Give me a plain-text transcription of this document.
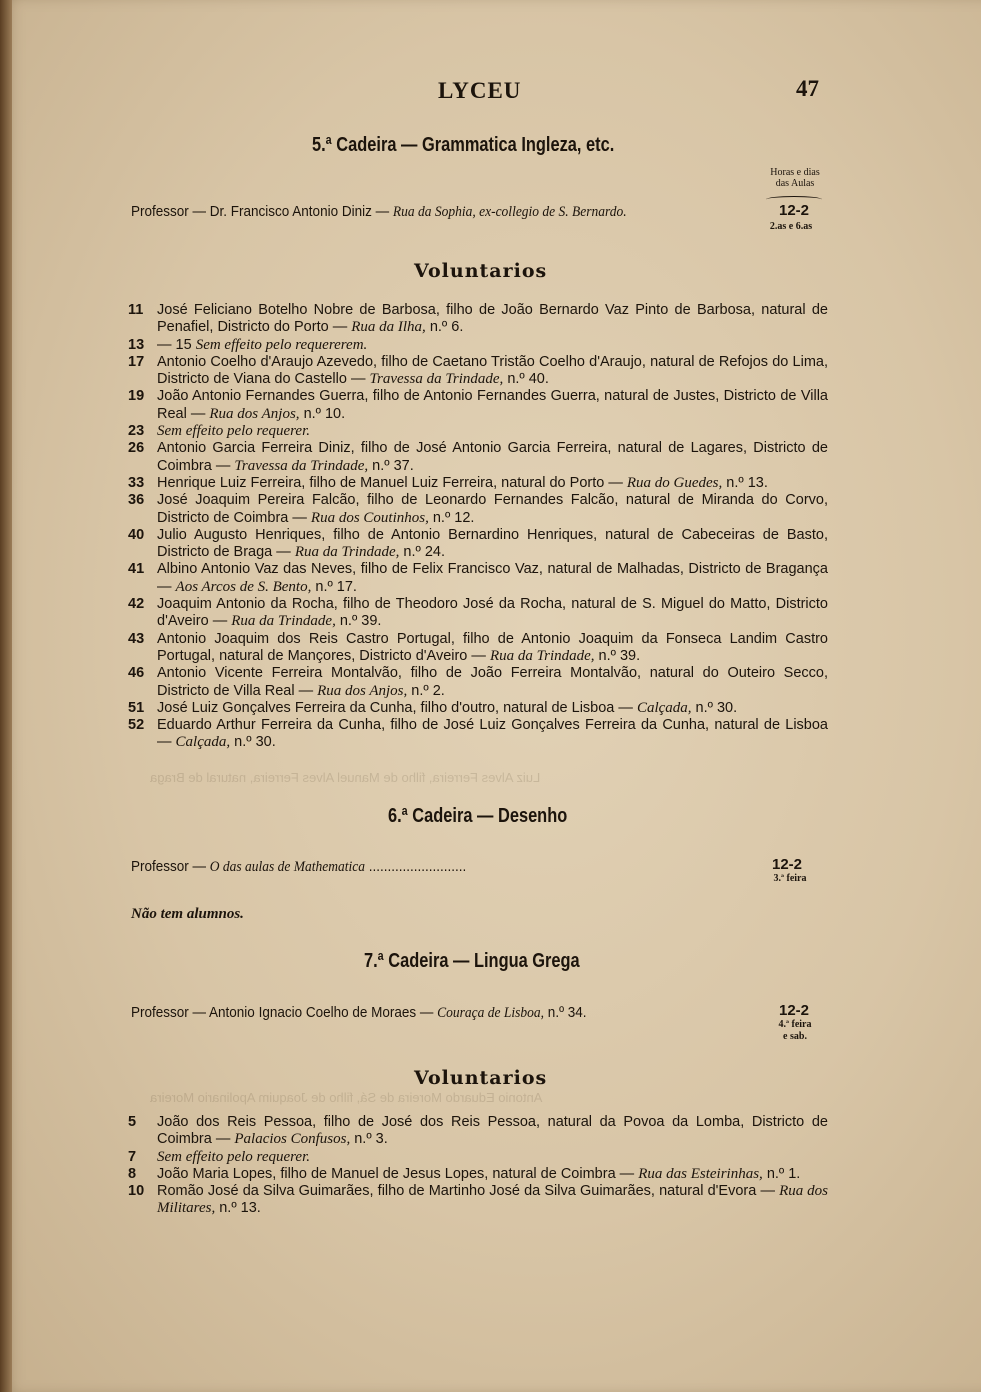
Luiz Alves Ferreira, filho de Manuel Alves Ferreira, natural de Braga
Antonio Eduardo Moreira de Sá, filho de Joaquim Apolinario Moreira
LYCEU	47
5.ª Cadeira — Grammatica Ingleza, etc.
Horas e dias
das Aulas
Professor — Dr. Francisco Antonio Diniz — Rua da Sophia, ex-collegio de S. Bernardo.	12-2
2.as e 6.as
Voluntarios
11 José Feliciano Botelho Nobre de Barbosa, filho de João Bernardo Vaz Pinto de Barbosa, natural de Penafiel, Districto do Porto — Rua da Ilha, n.º 6.
13 — 15 Sem effeito pelo requererem.
17 Antonio Coelho d'Araujo Azevedo, filho de Caetano Tristão Coelho d'Araujo, natural de Refojos do Lima, Districto de Viana do Castello — Travessa da Trindade, n.º 40.
19 João Antonio Fernandes Guerra, filho de Antonio Fernandes Guerra, natural de Justes, Districto de Villa Real — Rua dos Anjos, n.º 10.
23 Sem effeito pelo requerer.
26 Antonio Garcia Ferreira Diniz, filho de José Antonio Garcia Ferreira, natural de Lagares, Districto de Coimbra — Travessa da Trindade, n.º 37.
33 Henrique Luiz Ferreira, filho de Manuel Luiz Ferreira, natural do Porto — Rua do Guedes, n.º 13.
36 José Joaquim Pereira Falcão, filho de Leonardo Fernandes Falcão, natural de Miranda do Corvo, Districto de Coimbra — Rua dos Coutinhos, n.º 12.
40 Julio Augusto Henriques, filho de Antonio Bernardino Henriques, natural de Cabeceiras de Basto, Districto de Braga — Rua da Trindade, n.º 24.
41 Albino Antonio Vaz das Neves, filho de Felix Francisco Vaz, natural de Malhadas, Districto de Bragança — Aos Arcos de S. Bento, n.º 17.
42 Joaquim Antonio da Rocha, filho de Theodoro José da Rocha, natural de S. Miguel do Matto, Districto d'Aveiro — Rua da Trindade, n.º 39.
43 Antonio Joaquim dos Reis Castro Portugal, filho de Antonio Joaquim da Fonseca Landim Castro Portugal, natural de Mançores, Districto d'Aveiro — Rua da Trindade, n.º 39.
46 Antonio Vicente Ferreira Montalvão, filho de João Ferreira Montalvão, natural do Outeiro Secco, Districto de Villa Real — Rua dos Anjos, n.º 2.
51 José Luiz Gonçalves Ferreira da Cunha, filho d'outro, natural de Lisboa — Calçada, n.º 30.
52 Eduardo Arthur Ferreira da Cunha, filho de José Luiz Gonçalves Ferreira da Cunha, natural de Lisboa — Calçada, n.º 30.
6.ª Cadeira — Desenho
Professor — O das aulas de Mathematica ..........................	12-2
3.ª feira
Não tem alumnos.
7.ª Cadeira — Lingua Grega
Professor — Antonio Ignacio Coelho de Moraes — Couraça de Lisboa, n.º 34.	12-2
4.ª feira
e sab.
Voluntarios
5	João dos Reis Pessoa, filho de José dos Reis Pessoa, natural da Povoa da Lomba, Districto de Coimbra — Palacios Confusos, n.º 3.
7	Sem effeito pelo requerer.
8	João Maria Lopes, filho de Manuel de Jesus Lopes, natural de Coimbra — Rua das Esteirinhas, n.º 1.
10 Romão José da Silva Guimarães, filho de Martinho José da Silva Guimarães, natural d'Evora — Rua dos Militares, n.º 13.
